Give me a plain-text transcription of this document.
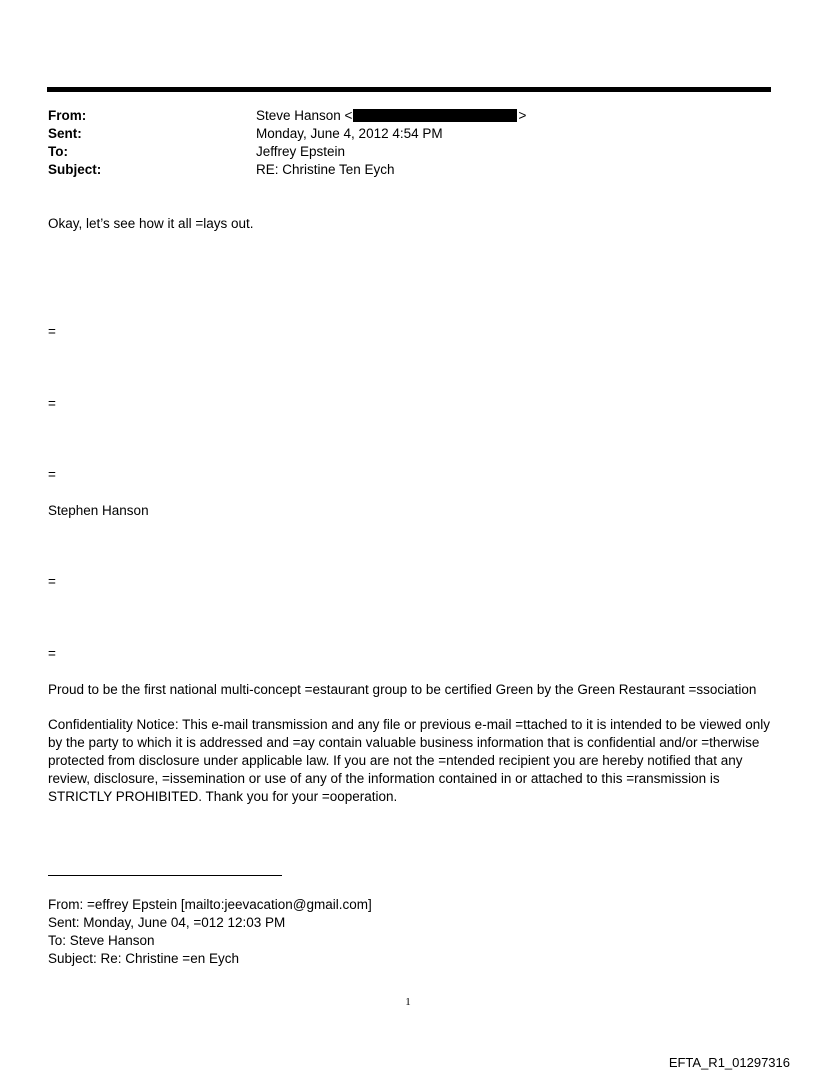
From:	Steve Hanson <	>
Sent:	Monday, June 4, 2012 4:54 PM
To:	Jeffrey Epstein
Subject:	RE: Christine Ten Eych
Okay, let’s see how it all =lays out.
=
=
=
Stephen Hanson
=
=
Proud to be the first national multi-concept =estaurant group to be certified Green by the Green Restaurant =ssociation
Confidentiality Notice: This e-mail transmission and any file or previous e-mail =ttached to it is intended to be viewed only by the party to which it is addressed and =ay contain valuable business information that is confidential and/or =therwise protected from disclosure under applicable law. If you are not the =ntended recipient you are hereby notified that any review, disclosure, =issemination or use of any of the information contained in or attached to this =ransmission is STRICTLY PROHIBITED. Thank you for your =ooperation.
From: =effrey Epstein [mailto:jeevacation@gmail.com]
Sent: Monday, June 04, =012 12:03 PM
To: Steve Hanson
Subject: Re: Christine =en Eych
1
EFTA_R1_01297316
